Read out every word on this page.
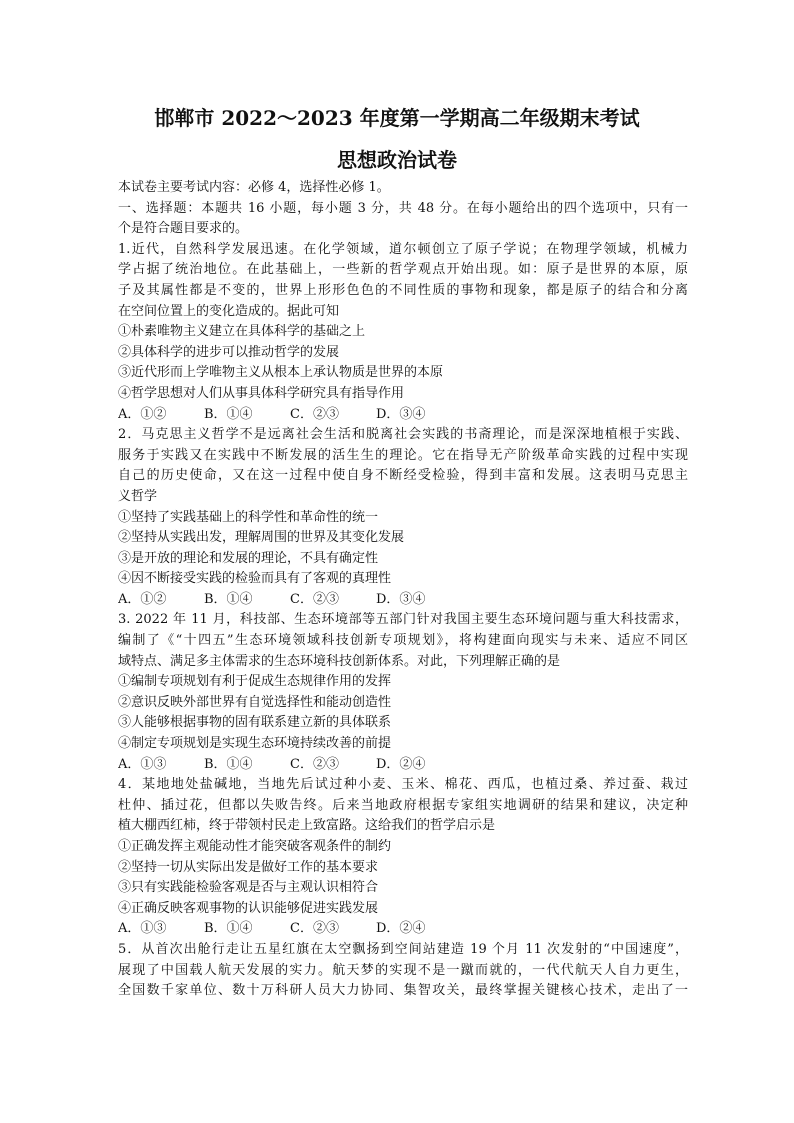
邯郸市 2022～2023 年度第一学期高二年级期末考试
思想政治试卷
本试卷主要考试内容：必修 4，选择性必修 1。
一、选择题：本题共 16 小题，每小题 3 分，共 48 分。在每小题给出的四个选项中，只有一
个是符合题目要求的。
1.近代，自然科学发展迅速。在化学领域，道尔顿创立了原子学说；在物理学领域，机械力
学占据了统治地位。在此基础上，一些新的哲学观点开始出现。如：原子是世界的本原，原
子及其属性都是不变的，世界上形形色色的不同性质的事物和现象，都是原子的结合和分离
在空间位置上的变化造成的。据此可知
①朴素唯物主义建立在具体科学的基础之上
②具体科学的进步可以推动哲学的发展
③近代形而上学唯物主义从根本上承认物质是世界的本原
④哲学思想对人们从事具体科学研究具有指导作用
A．①②	B．①④	C．②③	D．③④
2．马克思主义哲学不是远离社会生活和脱离社会实践的书斋理论，而是深深地植根于实践、
服务于实践又在实践中不断发展的活生生的理论。它在指导无产阶级革命实践的过程中实现
自己的历史使命，又在这一过程中使自身不断经受检验，得到丰富和发展。这表明马克思主
义哲学
①坚持了实践基础上的科学性和革命性的统一
②坚持从实践出发，理解周围的世界及其变化发展
③是开放的理论和发展的理论，不具有确定性
④因不断接受实践的检验而具有了客观的真理性
A．①②	B．①④	C．②③	D．③④
3. 2022 年 11 月，科技部、生态环境部等五部门针对我国主要生态环境问题与重大科技需求，
编制了《“十四五”生态环境领域科技创新专项规划》，将构建面向现实与未来、适应不同区
域特点、满足多主体需求的生态环境科技创新体系。对此，下列理解正确的是
①编制专项规划有利于促成生态规律作用的发挥
②意识反映外部世界有自觉选择性和能动创造性
③人能够根据事物的固有联系建立新的具体联系
④制定专项规划是实现生态环境持续改善的前提
A．①③	B．①④	C．②③	D．②④
4．某地地处盐碱地，当地先后试过种小麦、玉米、棉花、西瓜，也植过桑、养过蚕、栽过
杜仲、插过花，但都以失败告终。后来当地政府根据专家组实地调研的结果和建议，决定种
植大棚西红柿，终于带领村民走上致富路。这给我们的哲学启示是
①正确发挥主观能动性才能突破客观条件的制约
②坚持一切从实际出发是做好工作的基本要求
③只有实践能检验客观是否与主观认识相符合
④正确反映客观事物的认识能够促进实践发展
A．①③	B．①④	C．②③	D．②④
5．从首次出舱行走让五星红旗在太空飘扬到空间站建造 19 个月 11 次发射的“中国速度”，
展现了中国载人航天发展的实力。航天梦的实现不是一蹴而就的，一代代航天人自力更生，
全国数千家单位、数十万科研人员大力协同、集智攻关，最终掌握关键核心技术，走出了一
